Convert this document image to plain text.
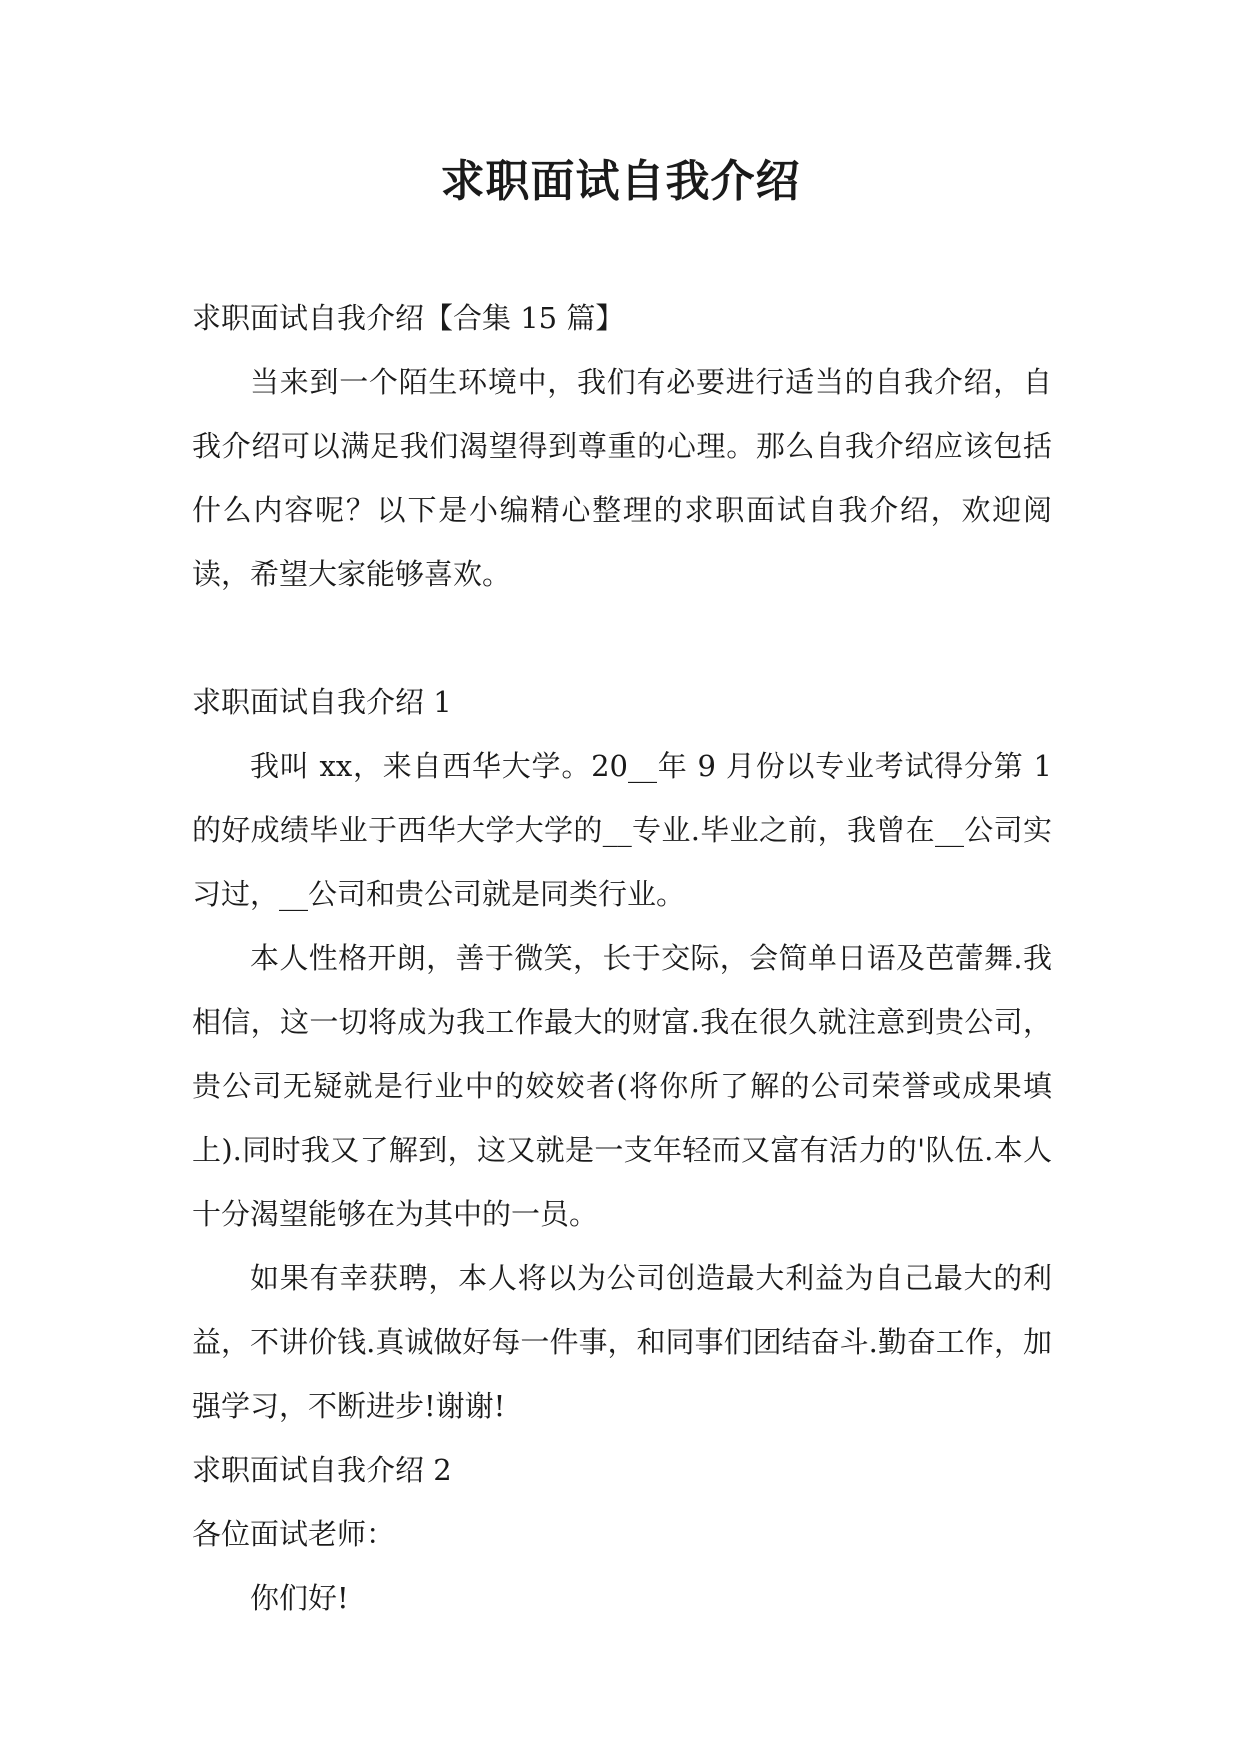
求职面试自我介绍

求职面试自我介绍【合集 15 篇】

当来到一个陌生环境中，我们有必要进行适当的自我介绍，自我介绍可以满足我们渴望得到尊重的心理。那么自我介绍应该包括什么内容呢？以下是小编精心整理的求职面试自我介绍，欢迎阅读，希望大家能够喜欢。

求职面试自我介绍 1

我叫 xx，来自西华大学。20__年 9 月份以专业考试得分第 1 的好成绩毕业于西华大学大学的__专业.毕业之前，我曾在__公司实习过，__公司和贵公司就是同类行业。

本人性格开朗，善于微笑，长于交际，会简单日语及芭蕾舞.我相信，这一切将成为我工作最大的财富.我在很久就注意到贵公司，贵公司无疑就是行业中的姣姣者(将你所了解的公司荣誉或成果填上).同时我又了解到，这又就是一支年轻而又富有活力的'队伍.本人十分渴望能够在为其中的一员。

如果有幸获聘，本人将以为公司创造最大利益为自己最大的利益，不讲价钱.真诚做好每一件事，和同事们团结奋斗.勤奋工作，加强学习，不断进步!谢谢!

求职面试自我介绍 2

各位面试老师：

你们好!
